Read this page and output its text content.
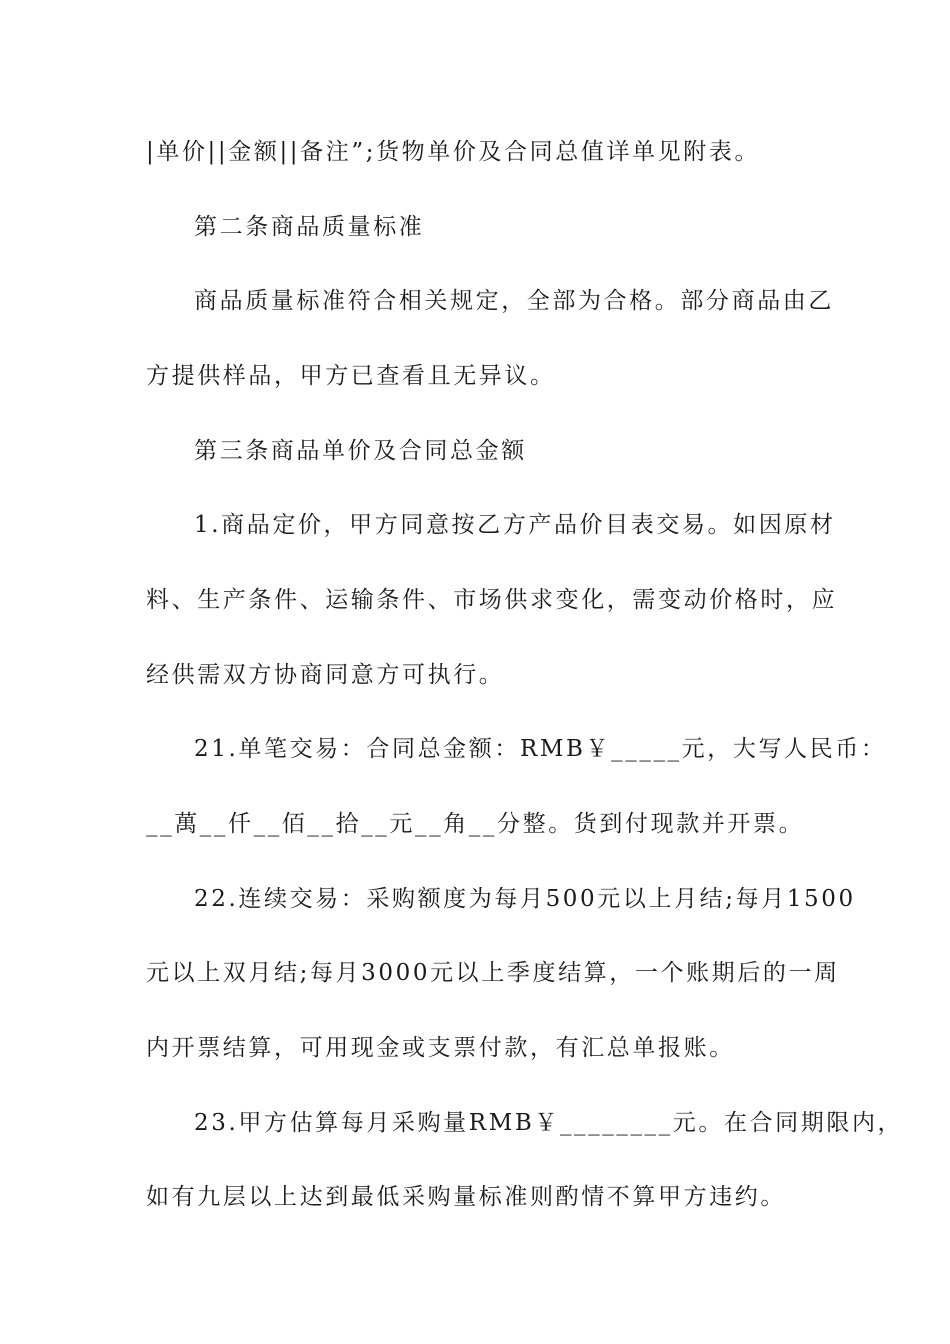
|单价||金额||备注”;货物单价及合同总值详单见附表。
第二条商品质量标准
商品质量标准符合相关规定，全部为合格。部分商品由乙
方提供样品，甲方已查看且无异议。
第三条商品单价及合同总金额
1.商品定价，甲方同意按乙方产品价目表交易。如因原材
料、生产条件、运输条件、市场供求变化，需变动价格时，应
经供需双方协商同意方可执行。
21.单笔交易：合同总金额：RMB￥_____元，大写人民币：
__萬__仟__佰__拾__元__角__分整。货到付现款并开票。
22.连续交易：采购额度为每月500元以上月结;每月1500
元以上双月结;每月3000元以上季度结算，一个账期后的一周
内开票结算，可用现金或支票付款，有汇总单报账。
23.甲方估算每月采购量RMB￥________元。在合同期限内，
如有九层以上达到最低采购量标准则酌情不算甲方违约。
